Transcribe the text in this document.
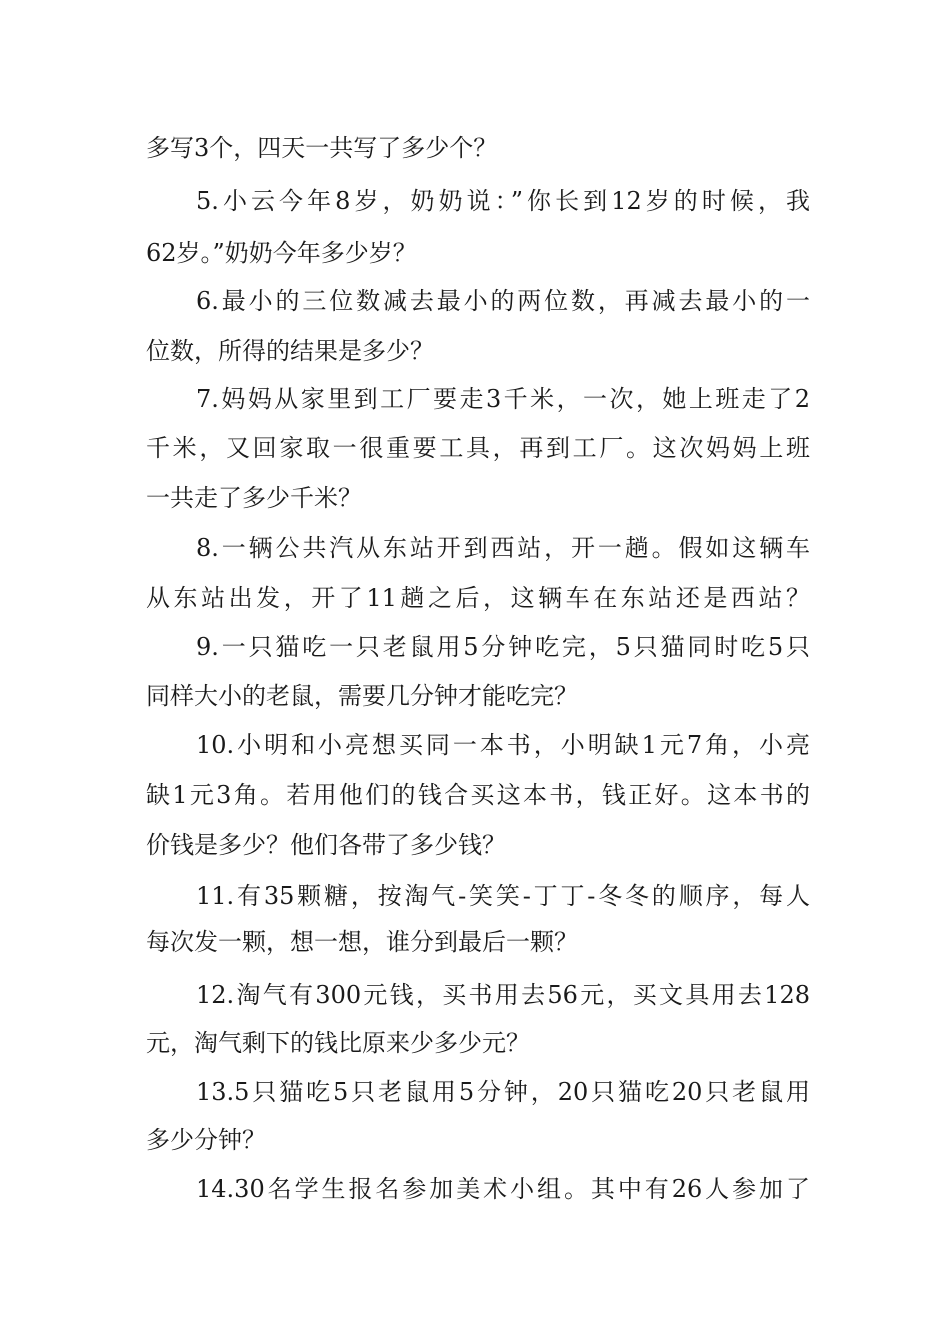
多写3个，四天一共写了多少个？
5.小云今年8岁，奶奶说：”你长到12岁的时候，我
62岁。”奶奶今年多少岁？
6.最小的三位数减去最小的两位数，再减去最小的一
位数，所得的结果是多少？
7.妈妈从家里到工厂要走3千米，一次，她上班走了2
千米，又回家取一很重要工具，再到工厂。这次妈妈上班
一共走了多少千米？
8.一辆公共汽从东站开到西站，开一趟。假如这辆车
从东站出发，开了11趟之后，这辆车在东站还是西站？
9.一只猫吃一只老鼠用5分钟吃完，5只猫同时吃5只
同样大小的老鼠，需要几分钟才能吃完？
10.小明和小亮想买同一本书，小明缺1元7角，小亮
缺1元3角。若用他们的钱合买这本书，钱正好。这本书的
价钱是多少？他们各带了多少钱？
11.有35颗糖，按淘气-笑笑-丁丁-冬冬的顺序，每人
每次发一颗，想一想，谁分到最后一颗？
12.淘气有300元钱，买书用去56元，买文具用去128
元，淘气剩下的钱比原来少多少元？
13.5只猫吃5只老鼠用5分钟，20只猫吃20只老鼠用
多少分钟？
14.30名学生报名参加美术小组。其中有26人参加了
